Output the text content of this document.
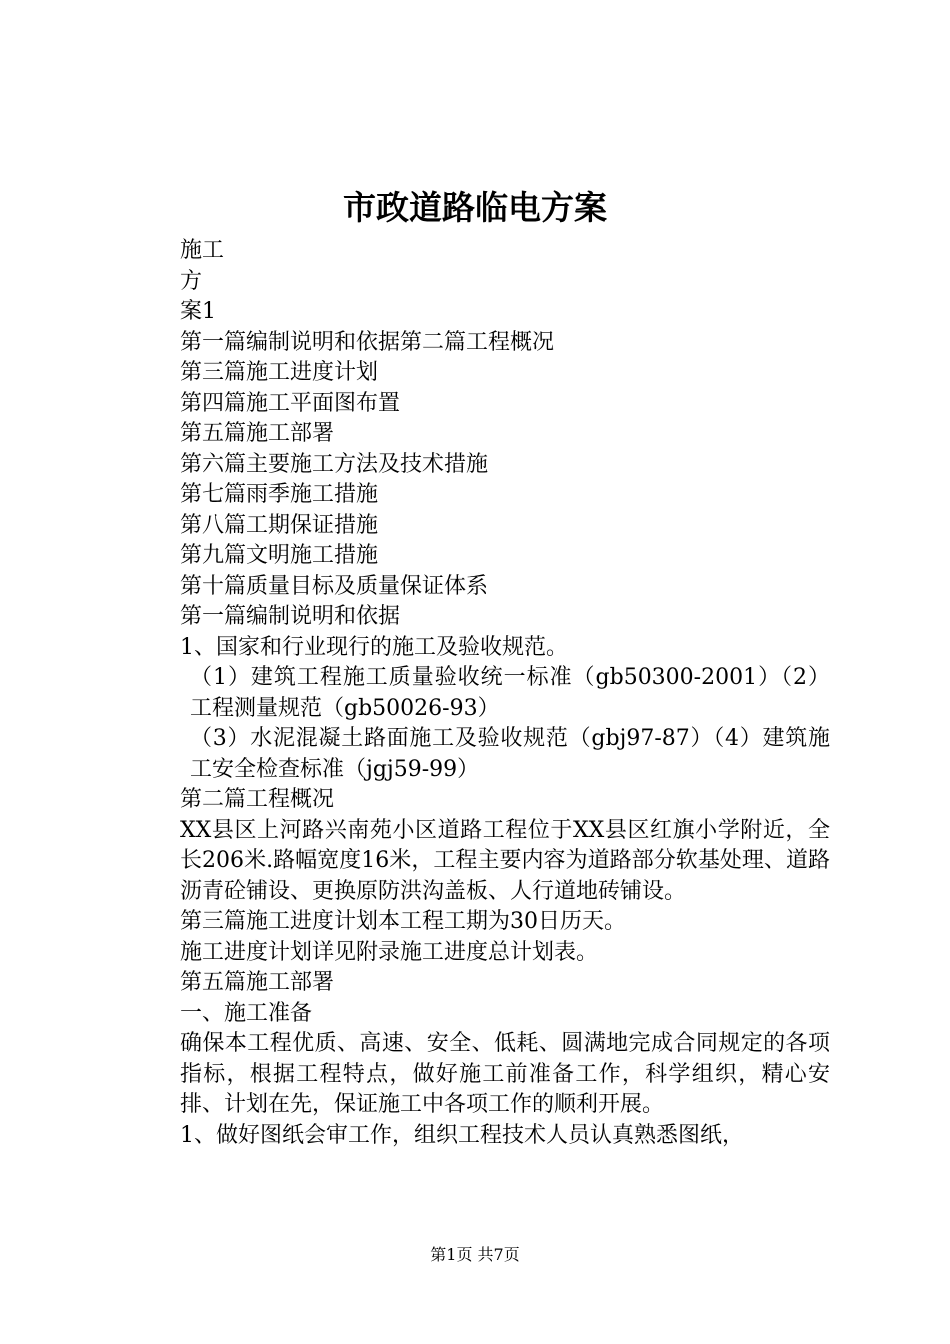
市政道路临电方案

施工

方

案1

第一篇编制说明和依据第二篇工程概况

第三篇施工进度计划

第四篇施工平面图布置

第五篇施工部署

第六篇主要施工方法及技术措施

第七篇雨季施工措施

第八篇工期保证措施

第九篇文明施工措施

第十篇质量目标及质量保证体系

第一篇编制说明和依据

1、国家和行业现行的施工及验收规范。

（1）建筑工程施工质量验收统一标准（gb50300-2001）（2）工程测量规范（gb50026-93）

（3）水泥混凝土路面施工及验收规范（gbj97-87）（4）建筑施工安全检查标准（jgj59-99）

第二篇工程概况

XX县区上河路兴南苑小区道路工程位于XX县区红旗小学附近，全长206米.路幅宽度16米，工程主要内容为道路部分软基处理、道路沥青砼铺设、更换原防洪沟盖板、人行道地砖铺设。

第三篇施工进度计划本工程工期为30日历天。

施工进度计划详见附录施工进度总计划表。

第五篇施工部署

一、施工准备

确保本工程优质、高速、安全、低耗、圆满地完成合同规定的各项指标，根据工程特点，做好施工前准备工作，科学组织，精心安排、计划在先，保证施工中各项工作的顺利开展。

1、做好图纸会审工作，组织工程技术人员认真熟悉图纸，

第1页 共7页
